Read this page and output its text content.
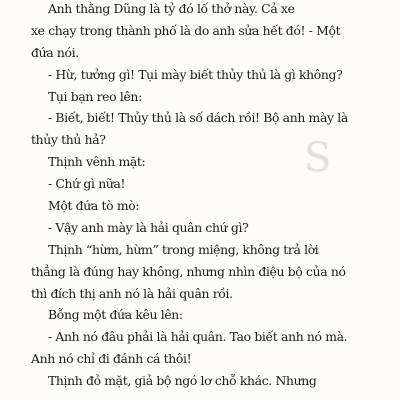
S
Anh thằng Dũng là tỷ đó lố thở này. Cả xe
xe chạy trong thành phố là do anh sửa hết đó! - Một
đứa nói.
- Hừ, tưởng gì! Tụi mày biết thủy thủ là gì không?
Tụi bạn reo lên:
- Biết, biết! Thủy thủ là số dách rồi! Bộ anh mày là
thủy thủ hả?
Thịnh vênh mặt:
- Chứ gì nữa!
Một đứa tò mò:
- Vậy anh mày là hải quân chứ gì?
Thịnh “hừm, hừm” trong miệng, không trả lời
thẳng là đúng hay không, nhưng nhìn điệu bộ của nó
thì đích thị anh nó là hải quân rồi.
Bỗng một đứa kêu lên:
- Anh nó đâu phải là hải quân. Tao biết anh nó mà.
Anh nó chỉ đi đánh cá thôi!
Thịnh đỏ mặt, giả bộ ngó lơ chỗ khác. Nhưng
